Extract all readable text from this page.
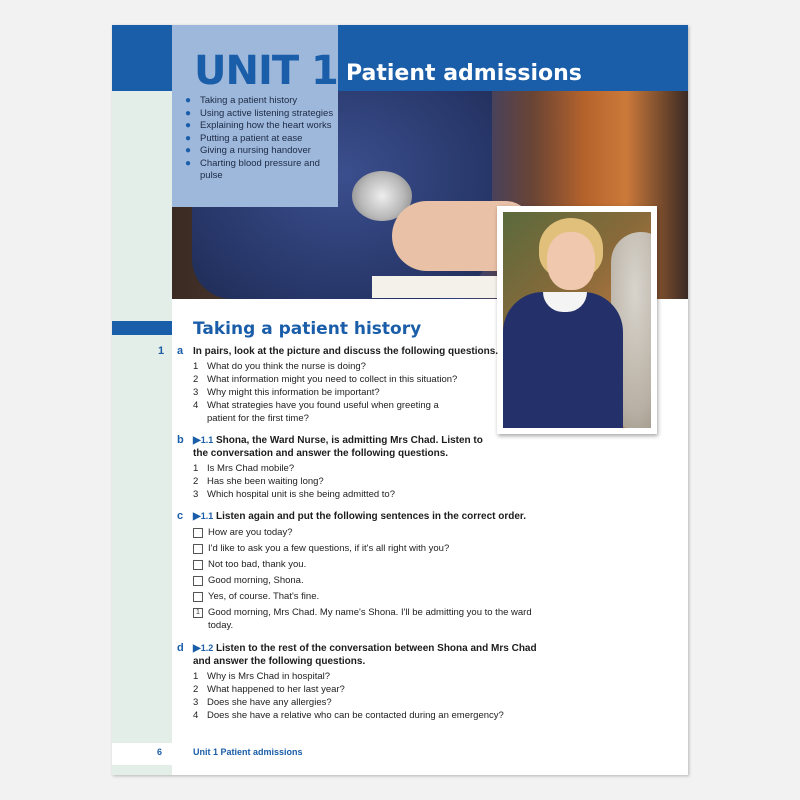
UNIT 1 Patient admissions
● Taking a patient history
● Using active listening strategies
● Explaining how the heart works
● Putting a patient at ease
● Giving a nursing handover
● Charting blood pressure and pulse
Taking a patient history
1 a In pairs, look at the picture and discuss the following questions.
1 What do you think the nurse is doing?
2 What information might you need to collect in this situation?
3 Why might this information be important?
4 What strategies have you found useful when greeting a patient for the first time?
b ▶1.1 Shona, the Ward Nurse, is admitting Mrs Chad. Listen to the conversation and answer the following questions.
1 Is Mrs Chad mobile?
2 Has she been waiting long?
3 Which hospital unit is she being admitted to?
c ▶1.1 Listen again and put the following sentences in the correct order.
How are you today?
I'd like to ask you a few questions, if it's all right with you?
Not too bad, thank you.
Good morning, Shona.
Yes, of course. That's fine.
1 Good morning, Mrs Chad. My name's Shona. I'll be admitting you to the ward today.
d ▶1.2 Listen to the rest of the conversation between Shona and Mrs Chad and answer the following questions.
1 Why is Mrs Chad in hospital?
2 What happened to her last year?
3 Does she have any allergies?
4 Does she have a relative who can be contacted during an emergency?
6	Unit 1 Patient admissions
